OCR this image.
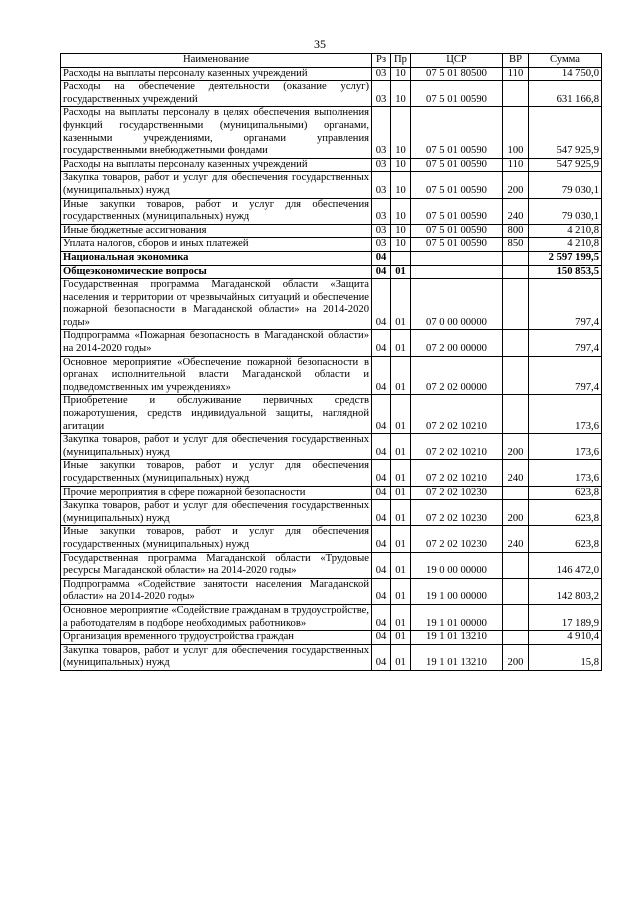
35
Наименование	Рз	Пр	ЦСР	ВР	Сумма
Расходы на выплаты персоналу казенных учреждений	03	10	07 5 01 80500	110	14 750,0
Расходы на обеспечение деятельности (оказание услуг) государственных учреждений	03	10	07 5 01 00590		631 166,8
Расходы на выплаты персоналу в целях обеспечения выполнения функций государственными (муниципальными) органами, казенными учреждениями, органами управления государственными внебюджетными фондами	03	10	07 5 01 00590	100	547 925,9
Расходы на выплаты персоналу казенных учреждений	03	10	07 5 01 00590	110	547 925,9
Закупка товаров, работ и услуг для обеспечения государственных (муниципальных) нужд	03	10	07 5 01 00590	200	79 030,1
Иные закупки товаров, работ и услуг для обеспечения государственных (муниципальных) нужд	03	10	07 5 01 00590	240	79 030,1
Иные бюджетные ассигнования	03	10	07 5 01 00590	800	4 210,8
Уплата налогов, сборов и иных платежей	03	10	07 5 01 00590	850	4 210,8
Национальная экономика	04				2 597 199,5
Общеэкономические вопросы	04	01			150 853,5
Государственная программа Магаданской области «Защита населения и территории от чрезвычайных ситуаций и обеспечение пожарной безопасности в Магаданской области» на 2014-2020 годы»	04	01	07 0 00 00000		797,4
Подпрограмма «Пожарная безопасность в Магаданской области» на 2014-2020 годы»	04	01	07 2 00 00000		797,4
Основное мероприятие «Обеспечение пожарной безопасности в органах исполнительной власти Магаданской области и подведомственных им учреждениях»	04	01	07 2 02 00000		797,4
Приобретение и обслуживание первичных средств пожаротушения, средств индивидуальной защиты, наглядной агитации	04	01	07 2 02 10210		173,6
Закупка товаров, работ и услуг для обеспечения государственных (муниципальных) нужд	04	01	07 2 02 10210	200	173,6
Иные закупки товаров, работ и услуг для обеспечения государственных (муниципальных) нужд	04	01	07 2 02 10210	240	173,6
Прочие мероприятия в сфере пожарной безопасности	04	01	07 2 02 10230		623,8
Закупка товаров, работ и услуг для обеспечения государственных (муниципальных) нужд	04	01	07 2 02 10230	200	623,8
Иные закупки товаров, работ и услуг для обеспечения государственных (муниципальных) нужд	04	01	07 2 02 10230	240	623,8
Государственная программа Магаданской области «Трудовые ресурсы Магаданской области» на 2014-2020 годы»	04	01	19 0 00 00000		146 472,0
Подпрограмма «Содействие занятости населения Магаданской области» на 2014-2020 годы»	04	01	19 1 00 00000		142 803,2
Основное мероприятие «Содействие гражданам в трудоустройстве, а работодателям в подборе необходимых работников»	04	01	19 1 01 00000		17 189,9
Организация временного трудоустройства граждан	04	01	19 1 01 13210		4 910,4
Закупка товаров, работ и услуг для обеспечения государственных (муниципальных) нужд	04	01	19 1 01 13210	200	15,8
